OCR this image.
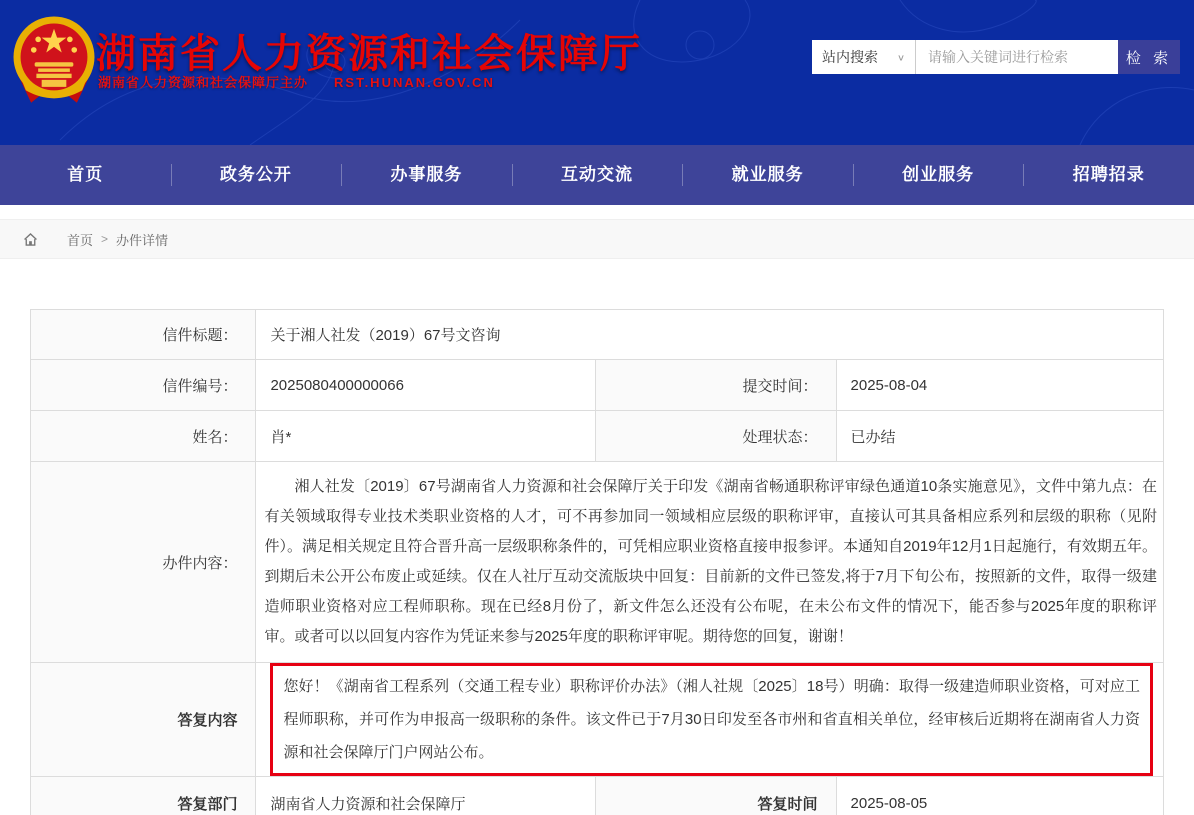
湖南省人力资源和社会保障厅
湖南省人力资源和社会保障厅主办 RST.HUNAN.GOV.CN
站内搜索 ∨
请输入关键词进行检索	检 索
首页	政务公开	办事服务	互动交流	就业服务	创业服务	招聘招录
首页 > 办件详情
信件标题：	关于湘人社发（2019）67号文咨询		
信件编号：	2025080400000066	提交时间：	2025-08-04
姓名：	肖*	处理状态：	已办结
办件内容：	湘人社发〔2019〕67号湖南省人力资源和社会保障厅关于印发《湖南省畅通职称评审绿色通道10条实施意见》，文件中第九点：在有关领域取得专业技术类职业资格的人才，可不再参加同一领域相应层级的职称评审，直接认可其具备相应系列和层级的职称（见附件）。满足相关规定且符合晋升高一层级职称条件的，可凭相应职业资格直接申报参评。本通知自2019年12月1日起施行，有效期五年。到期后未公开公布废止或延续。仅在人社厅互动交流版块中回复：目前新的文件已签发,将于7月下旬公布，按照新的文件，取得一级建造师职业资格对应工程师职称。现在已经8月份了，新文件怎么还没有公布呢，在未公布文件的情况下，能否参与2025年度的职称评审。或者可以以回复内容作为凭证来参与2025年度的职称评审呢。期待您的回复，谢谢！		
答复内容	您好！《湖南省工程系列（交通工程专业）职称评价办法》（湘人社规〔2025〕18号）明确：取得一级建造师职业资格，可对应工程师职称，并可作为申报高一级职称的条件。该文件已于7月30日印发至各市州和省直相关单位，经审核后近期将在湖南省人力资源和社会保障厅门户网站公布。		

答复部门	湖南省人力资源和社会保障厅	答复时间	2025-08-05
